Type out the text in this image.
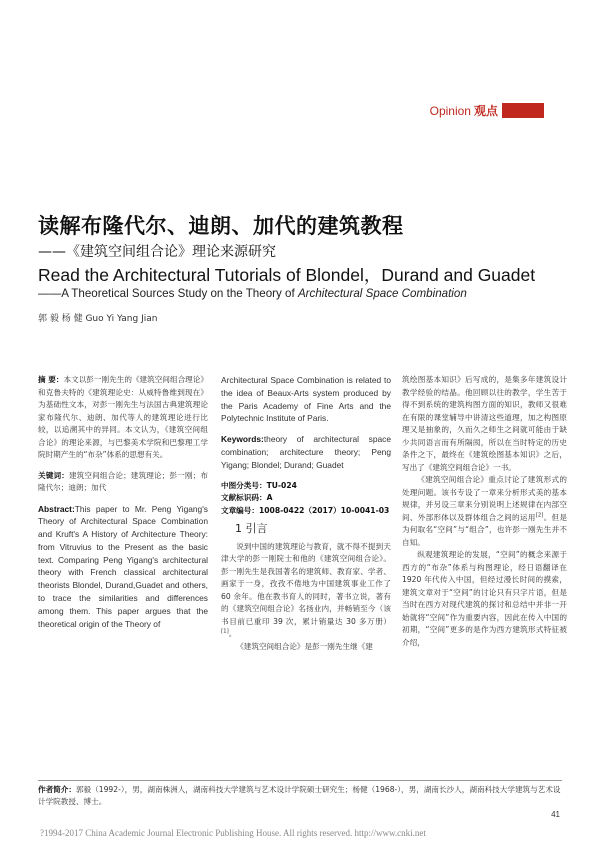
Opinion 观点
读解布隆代尔、迪朗、加代的建筑教程
——《建筑空间组合论》理论来源研究
Read the Architectural Tutorials of Blondel，Durand and Guadet
——A Theoretical Sources Study on the Theory of Architectural Space Combination
郭 毅 杨 健 Guo Yi Yang Jian

摘 要：本文以彭一刚先生的《建筑空间组合理论》和克鲁夫特的《建筑理论史：从威特鲁维到现在》为基础性文本，对彭一刚先生与法国古典建筑理论家布隆代尔、迪朗、加代等人的建筑理论进行比较，以追溯其中的异同。本文认为，《建筑空间组合论》的理论来源，与巴黎美术学院和巴黎理工学院时期产生的“布杂”体系的思想有关。

关键词：建筑空间组合论；建筑理论；彭一刚；布隆代尔；迪朗；加代

Abstract:This paper to Mr. Peng Yigang's Theory of Architectural Space Combination and Kruft's A History of Architecture Theory: from Vitruvius to the Present as the basic text. Comparing Peng Yigang's architectural theory with French classical architectural theorists Blondel, Durand,Guadet and others, to trace the similarities and differences among them. This paper argues that the theoretical origin of the Theory of

Architectural Space Combination is related to the idea of Beaux-Arts system produced by the Paris Academy of Fine Arts and the Polytechnic Institute of Paris.

Keywords:theory of architectural space combination; architecture theory; Peng Yigang; Blondel; Durand; Guadet

中图分类号：TU-024

文献标识码：A

文章编号：1008-0422（2017）10-0041-03

1 引言

说到中国的建筑理论与教育，就不得不提到天津大学的彭一刚院士和他的《建筑空间组合论》。彭一刚先生是我国著名的建筑师、教育家、学者、画家于一身，孜孜不倦地为中国建筑事业工作了 60 余年。他在教书育人的同时，著书立说，著有的《建筑空间组合论》名扬业内，并畅销至今（该书目前已重印 39 次，累计销量达 30 多万册）[1]。

《建筑空间组合论》是彭一刚先生继《建

筑绘图基本知识》后写成的，是集多年建筑设计教学经验的结晶。他回顾以往的教学，学生苦于得不到系统的建筑构图方面的知识，教师又很难在有限的课堂辅导中讲清这些道理，加之构图原理又是抽象的，久而久之师生之间就可能由于缺少共同语言而有所隔阂，所以在当时特定的历史条件之下，最终在《建筑绘图基本知识》之后，写出了《建筑空间组合论》一书。

《建筑空间组合论》重点讨论了建筑形式的处理问题。该书专设了一章来分析形式美的基本规律，并另设三章来分别说明上述规律在内部空间、外部形体以及群体组合之间的运用[2]。但是为何取名“空间”与“组合”，也许彭一刚先生并不自知。

纵观建筑理论的发展，“空间”的概念来源于西方的“布杂”体系与构图理论，经日语翻译在 1920 年代传入中国，但经过漫长时间的摸索，建筑文章对于“空间”的讨论只有只字片语，但是当时在西方对现代建筑的探讨和总结中并非一开始就将“空间”作为重要内容，因此在传入中国的初期，“空间”更多的是作为西方建筑形式特征被介绍，

作者简介：郭毅（1992-），男，湖南株洲人，湖南科技大学建筑与艺术设计学院硕士研究生；杨健（1968-），男，湖南长沙人，湖南科技大学建筑与艺术设计学院教授、博士。
41
?1994-2017 China Academic Journal Electronic Publishing House. All rights reserved. http://www.cnki.net
